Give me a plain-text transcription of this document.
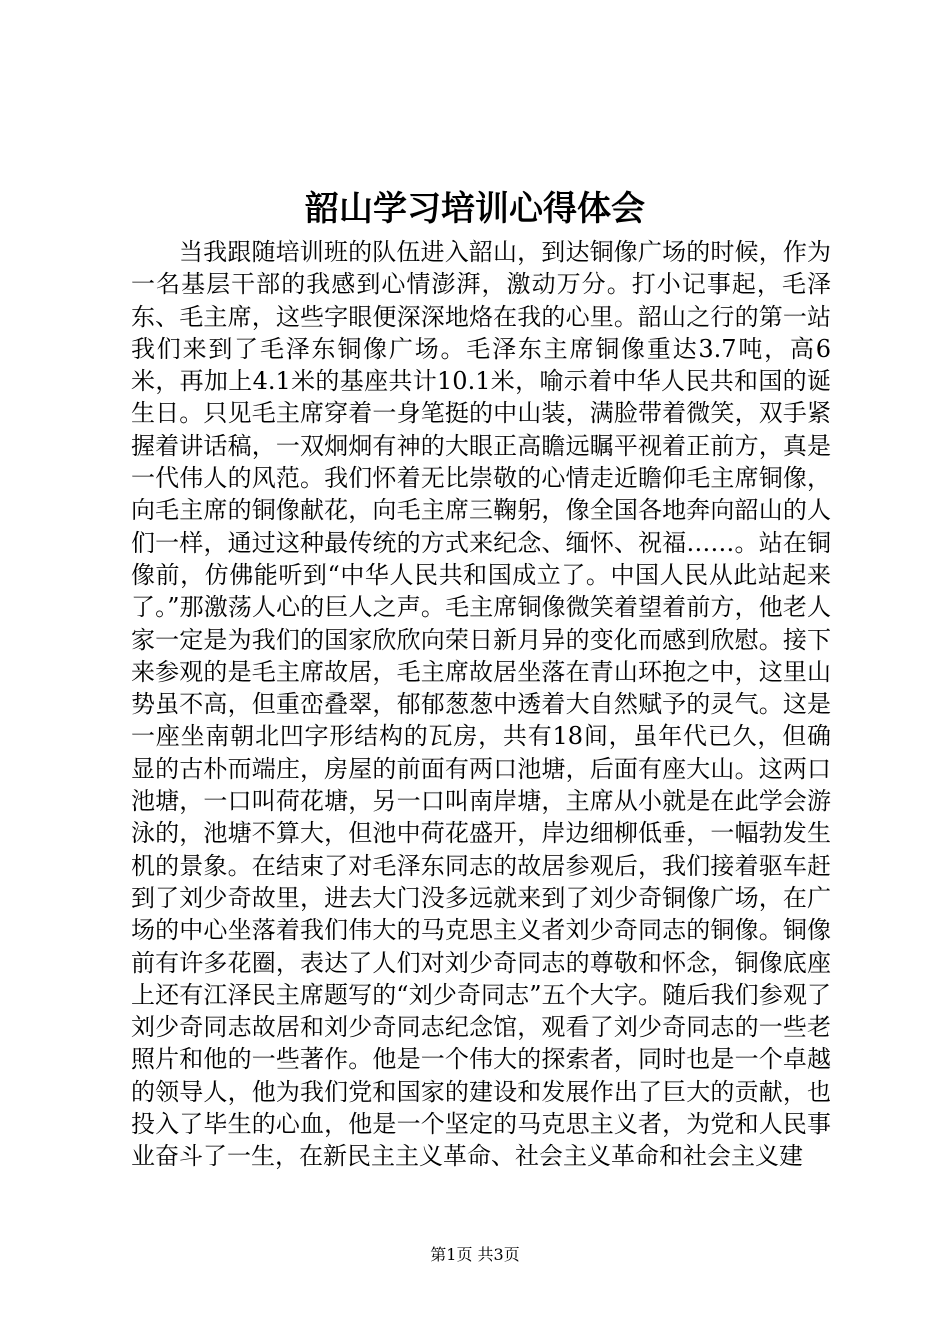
韶山学习培训心得体会

当我跟随培训班的队伍进入韶山，到达铜像广场的时候，作为一名基层干部的我感到心情澎湃，激动万分。打小记事起，毛泽东、毛主席，这些字眼便深深地烙在我的心里。韶山之行的第一站我们来到了毛泽东铜像广场。毛泽东主席铜像重达3.7吨，高6米，再加上4.1米的基座共计10.1米，喻示着中华人民共和国的诞生日。只见毛主席穿着一身笔挺的中山装，满脸带着微笑，双手紧握着讲话稿，一双炯炯有神的大眼正高瞻远瞩平视着正前方，真是一代伟人的风范。我们怀着无比崇敬的心情走近瞻仰毛主席铜像，向毛主席的铜像献花，向毛主席三鞠躬，像全国各地奔向韶山的人们一样，通过这种最传统的方式来纪念、缅怀、祝福……。站在铜像前，仿佛能听到“中华人民共和国成立了。中国人民从此站起来了。”那激荡人心的巨人之声。毛主席铜像微笑着望着前方，他老人家一定是为我们的国家欣欣向荣日新月异的变化而感到欣慰。接下来参观的是毛主席故居，毛主席故居坐落在青山环抱之中，这里山势虽不高，但重峦叠翠，郁郁葱葱中透着大自然赋予的灵气。这是一座坐南朝北凹字形结构的瓦房，共有18间，虽年代已久，但确显的古朴而端庄，房屋的前面有两口池塘，后面有座大山。这两口池塘，一口叫荷花塘，另一口叫南岸塘，主席从小就是在此学会游泳的，池塘不算大，但池中荷花盛开，岸边细柳低垂，一幅勃发生机的景象。在结束了对毛泽东同志的故居参观后，我们接着驱车赶到了刘少奇故里，进去大门没多远就来到了刘少奇铜像广场，在广场的中心坐落着我们伟大的马克思主义者刘少奇同志的铜像。铜像前有许多花圈，表达了人们对刘少奇同志的尊敬和怀念，铜像底座上还有江泽民主席题写的“刘少奇同志”五个大字。随后我们参观了刘少奇同志故居和刘少奇同志纪念馆，观看了刘少奇同志的一些老照片和他的一些著作。他是一个伟大的探索者，同时也是一个卓越的领导人，他为我们党和国家的建设和发展作出了巨大的贡献，也投入了毕生的心血，他是一个坚定的马克思主义者，为党和人民事业奋斗了一生，在新民主主义革命、社会主义革命和社会主义建

第1页 共3页
